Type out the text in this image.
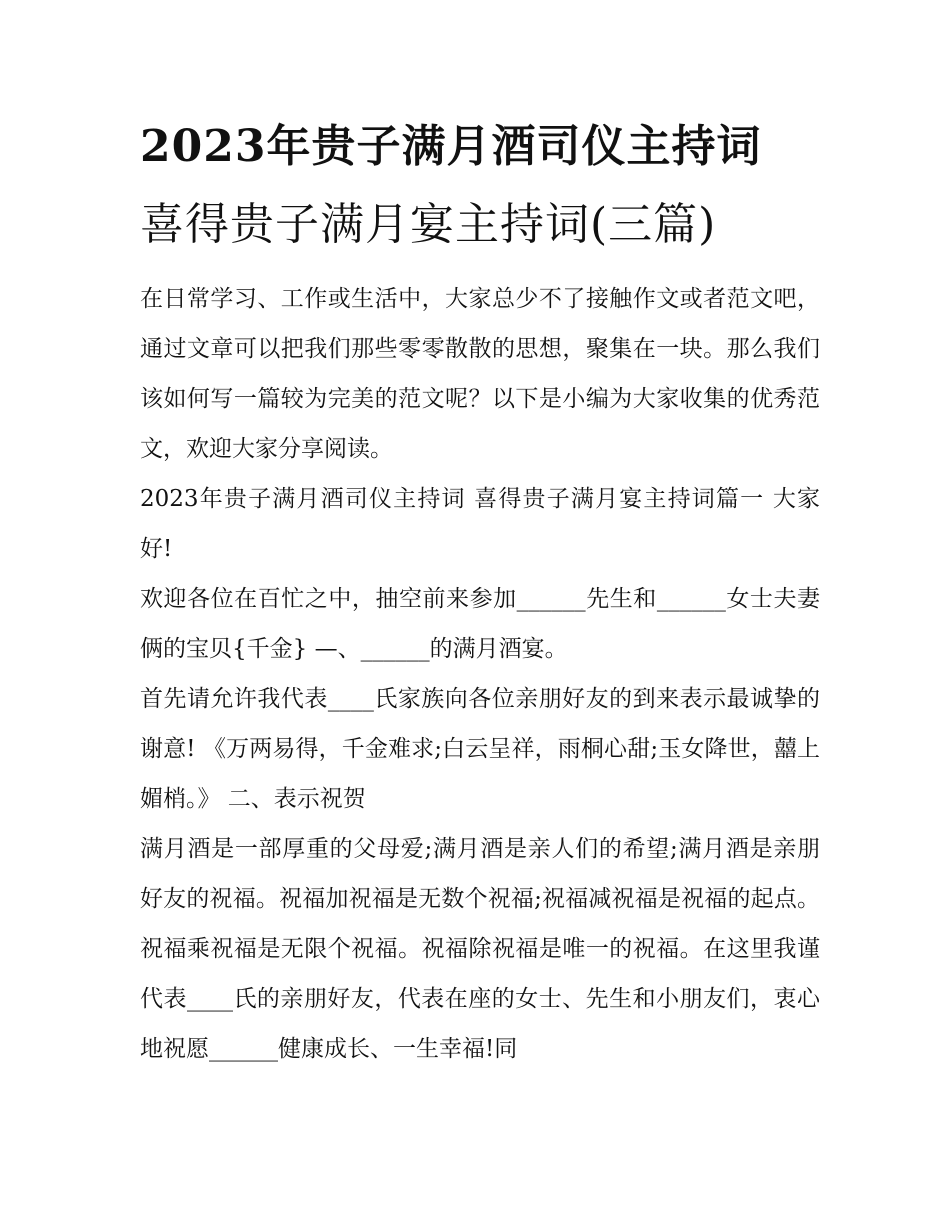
2023年贵子满月酒司仪主持词
喜得贵子满月宴主持词(三篇)

在日常学习、工作或生活中，大家总少不了接触作文或者范文吧，通过文章可以把我们那些零零散散的思想，聚集在一块。那么我们该如何写一篇较为完美的范文呢？以下是小编为大家收集的优秀范文，欢迎大家分享阅读。

2023年贵子满月酒司仪主持词 喜得贵子满月宴主持词篇一 大家好!

欢迎各位在百忙之中，抽空前来参加______先生和______女士夫妻俩的宝贝{千金} —、______的满月酒宴。

首先请允许我代表____氏家族向各位亲朋好友的到来表示最诚挚的谢意! 《万两易得，千金难求;白云呈祥，雨桐心甜;玉女降世，囍上媚梢。》 二、表示祝贺

满月酒是一部厚重的父母爱;满月酒是亲人们的希望;满月酒是亲朋好友的祝福。祝福加祝福是无数个祝福;祝福减祝福是祝福的起点。祝福乘祝福是无限个祝福。祝福除祝福是唯一的祝福。在这里我谨代表____氏的亲朋好友，代表在座的女士、先生和小朋友们，衷心地祝愿______健康成长、一生幸福!同
